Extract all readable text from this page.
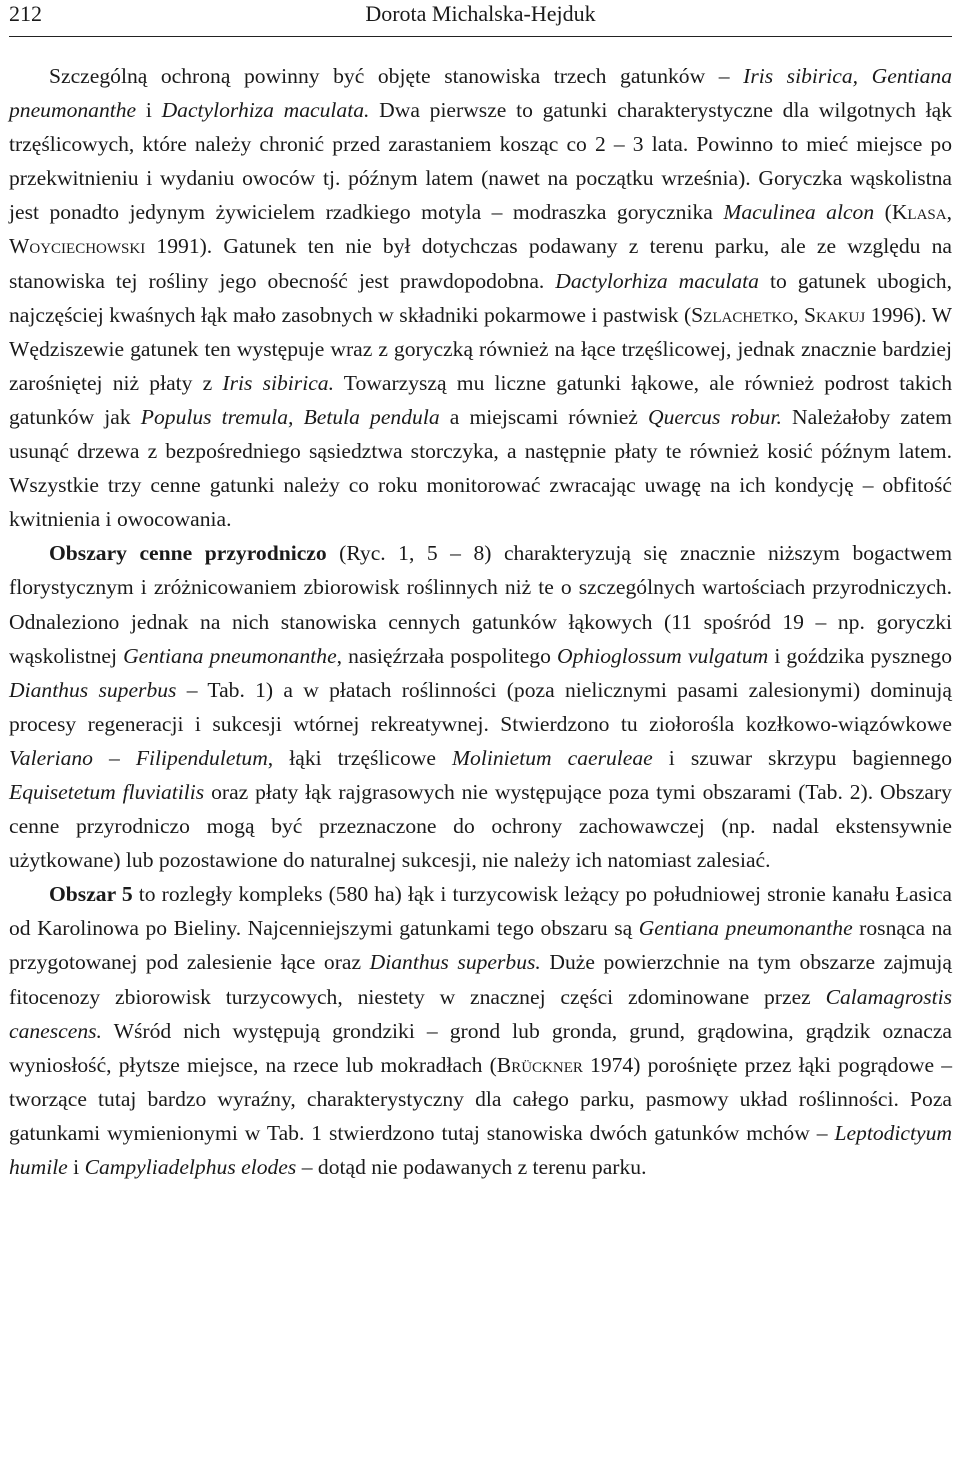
212	Dorota Michalska-Hejduk

Szczególną ochroną powinny być objęte stanowiska trzech gatunków – Iris sibirica, Gentiana pneumonanthe i Dactylorhiza maculata. Dwa pierwsze to gatunki charakterystyczne dla wilgotnych łąk trzęślicowych, które należy chronić przed zarastaniem kosząc co 2 – 3 lata. Powinno to mieć miejsce po przekwitnieniu i wydaniu owoców tj. późnym latem (nawet na początku września). Goryczka wąskolistna jest ponadto jedynym żywicielem rzadkiego motyla – modraszka gorycznika Maculinea alcon (Klasa, Woyciechowski 1991). Gatunek ten nie był dotychczas podawany z terenu parku, ale ze względu na stanowiska tej rośliny jego obecność jest prawdopodobna. Dactylorhiza maculata to gatunek ubogich, najczęściej kwaśnych łąk mało zasobnych w składniki pokarmowe i pastwisk (Szlachetko, Skakuj 1996). W Wędziszewie gatunek ten występuje wraz z goryczką również na łące trzęślicowej, jednak znacznie bardziej zarośniętej niż płaty z Iris sibirica. Towarzyszą mu liczne gatunki łąkowe, ale również podrost takich gatunków jak Populus tremula, Betula pendula a miejscami również Quercus robur. Należałoby zatem usunąć drzewa z bezpośredniego sąsiedztwa storczyka, a następnie płaty te również kosić późnym latem. Wszystkie trzy cenne gatunki należy co roku monitorować zwracając uwagę na ich kondycję – obfitość kwitnienia i owocowania.

Obszary cenne przyrodniczo (Ryc. 1, 5 – 8) charakteryzują się znacznie niższym bogactwem florystycznym i zróżnicowaniem zbiorowisk roślinnych niż te o szczególnych wartościach przyrodniczych. Odnaleziono jednak na nich stanowiska cennych gatunków łąkowych (11 spośród 19 – np. goryczki wąskolistnej Gentiana pneumonanthe, nasięźrzała pospolitego Ophioglossum vulgatum i goździka pysznego Dianthus superbus – Tab. 1) a w płatach roślinności (poza nielicznymi pasami zalesionymi) dominują procesy regeneracji i sukcesji wtórnej rekreatywnej. Stwierdzono tu ziołorośla kozłkowo-wiązówkowe Valeriano – Filipenduletum, łąki trzęślicowe Molinietum caeruleae i szuwar skrzypu bagiennego Equisetetum fluviatilis oraz płaty łąk rajgrasowych nie występujące poza tymi obszarami (Tab. 2). Obszary cenne przyrodniczo mogą być przeznaczone do ochrony zachowawczej (np. nadal ekstensywnie użytkowane) lub pozostawione do naturalnej sukcesji, nie należy ich natomiast zalesiać.

Obszar 5 to rozległy kompleks (580 ha) łąk i turzycowisk leżący po południowej stronie kanału Łasica od Karolinowa po Bieliny. Najcenniejszymi gatunkami tego obszaru są Gentiana pneumonanthe rosnąca na przygotowanej pod zalesienie łące oraz Dianthus superbus. Duże powierzchnie na tym obszarze zajmują fitocenozy zbiorowisk turzycowych, niestety w znacznej części zdominowane przez Calamagrostis canescens. Wśród nich występują grondziki – grond lub gronda, grund, grądowina, grądzik oznacza wyniosłość, płytsze miejsce, na rzece lub mokradłach (Brückner 1974) porośnięte przez łąki pogrądowe – tworzące tutaj bardzo wyraźny, charakterystyczny dla całego parku, pasmowy układ roślinności. Poza gatunkami wymienionymi w Tab. 1 stwierdzono tutaj stanowiska dwóch gatunków mchów – Leptodictyum humile i Campyliadelphus elodes – dotąd nie podawanych z terenu parku.
